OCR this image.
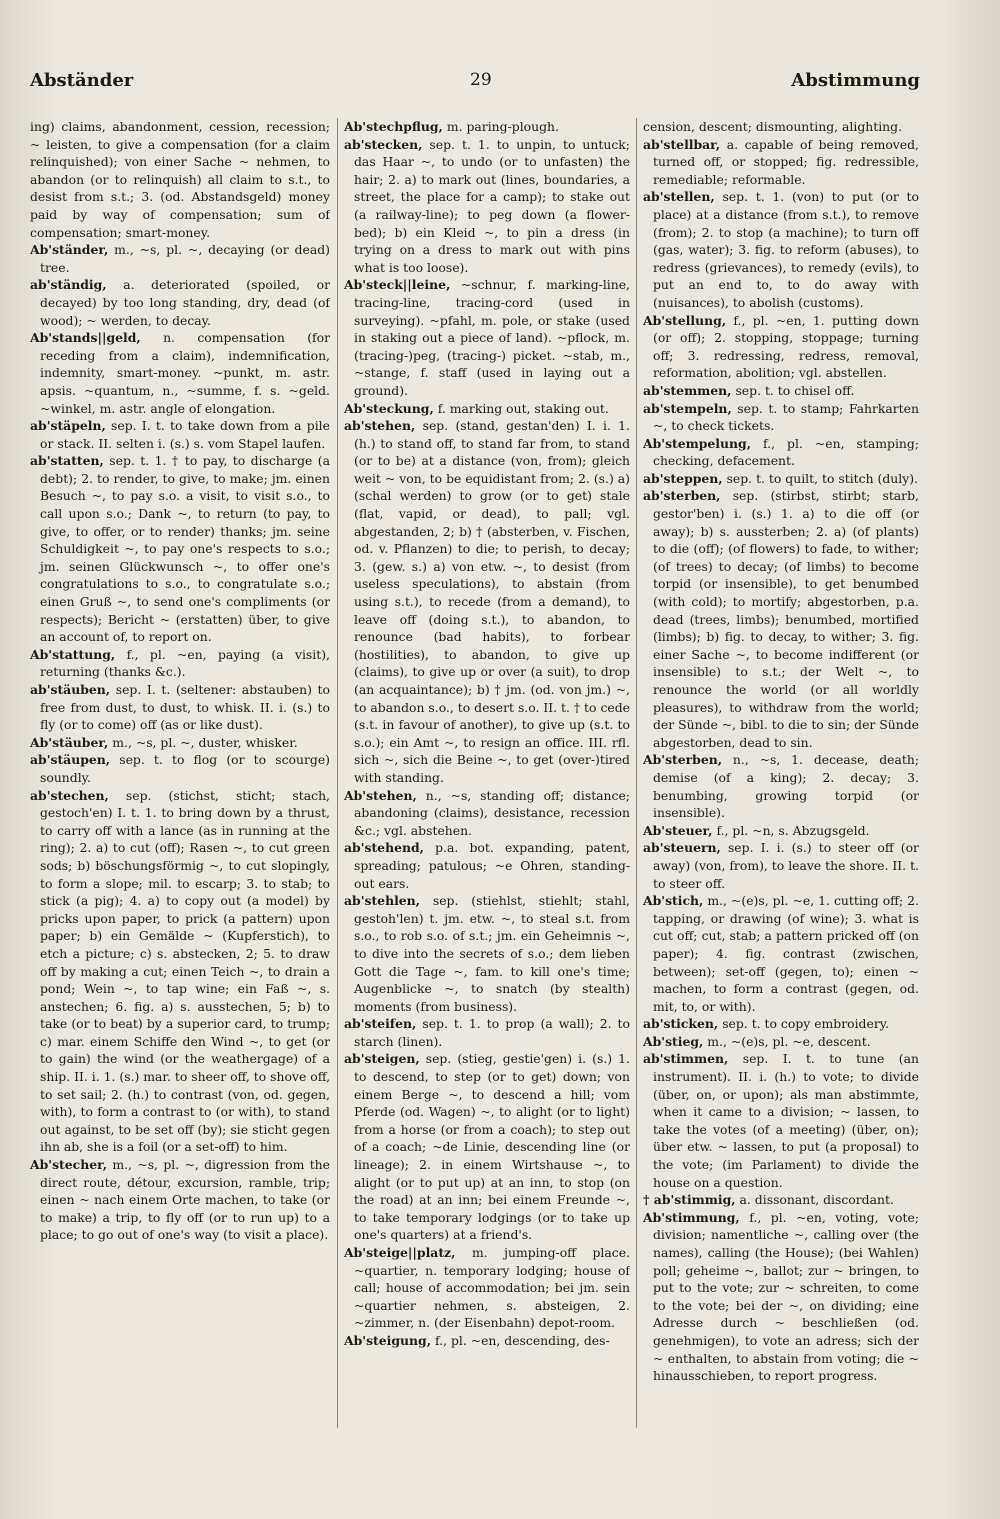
Abständer	29	Abstimmung

ing) claims, abandonment, cession, recession; ~ leisten, to give a compensation (for a claim relinquished); von einer Sache ~ nehmen, to abandon (or to relinquish) all claim to s.t., to desist from s.t.; 3. (od. Abstandsgeld) money paid by way of compensation; sum of compensation; smart-money.

Ab'ständer, m., ~s, pl. ~, decaying (or dead) tree.

ab'ständig, a. deteriorated (spoiled, or decayed) by too long standing, dry, dead (of wood); ~ werden, to decay.

Ab'stands||geld, n. compensation (for receding from a claim), indemnification, indemnity, smart-money. ~punkt, m. astr. apsis. ~quantum, n., ~summe, f. s. ~geld. ~winkel, m. astr. angle of elongation.

ab'stäpeln, sep. I. t. to take down from a pile or stack. II. selten i. (s.) s. vom Stapel laufen.

ab'statten, sep. t. 1. † to pay, to discharge (a debt); 2. to render, to give, to make; jm. einen Besuch ~, to pay s.o. a visit, to visit s.o., to call upon s.o.; Dank ~, to return (to pay, to give, to offer, or to render) thanks; jm. seine Schuldigkeit ~, to pay one's respects to s.o.; jm. seinen Glückwunsch ~, to offer one's congratulations to s.o., to congratulate s.o.; einen Gruß ~, to send one's compliments (or respects); Bericht ~ (erstatten) über, to give an account of, to report on.

Ab'stattung, f., pl. ~en, paying (a visit), returning (thanks &c.).

ab'stäuben, sep. I. t. (seltener: abstauben) to free from dust, to dust, to whisk. II. i. (s.) to fly (or to come) off (as or like dust).

Ab'stäuber, m., ~s, pl. ~, duster, whisker.

ab'stäupen, sep. t. to flog (or to scourge) soundly.

ab'stechen, sep. (stichst, sticht; stach, gestoch'en) I. t. 1. to bring down by a thrust, to carry off with a lance (as in running at the ring); 2. a) to cut (off); Rasen ~, to cut green sods; b) böschungsförmig ~, to cut slopingly, to form a slope; mil. to escarp; 3. to stab; to stick (a pig); 4. a) to copy out (a model) by pricks upon paper, to prick (a pattern) upon paper; b) ein Gemälde ~ (Kupferstich), to etch a picture; c) s. abstecken, 2; 5. to draw off by making a cut; einen Teich ~, to drain a pond; Wein ~, to tap wine; ein Faß ~, s. anstechen; 6. fig. a) s. ausstechen, 5; b) to take (or to beat) by a superior card, to trump; c) mar. einem Schiffe den Wind ~, to get (or to gain) the wind (or the weathergage) of a ship. II. i. 1. (s.) mar. to sheer off, to shove off, to set sail; 2. (h.) to contrast (von, od. gegen, with), to form a contrast to (or with), to stand out against, to be set off (by); sie sticht gegen ihn ab, she is a foil (or a set-off) to him.

Ab'stecher, m., ~s, pl. ~, digression from the direct route, détour, excursion, ramble, trip; einen ~ nach einem Orte machen, to take (or to make) a trip, to fly off (or to run up) to a place; to go out of one's way (to visit a place).

Ab'stechpflug, m. paring-plough.

ab'stecken, sep. t. 1. to unpin, to untuck; das Haar ~, to undo (or to unfasten) the hair; 2. a) to mark out (lines, boundaries, a street, the place for a camp); to stake out (a railway-line); to peg down (a flower-bed); b) ein Kleid ~, to pin a dress (in trying on a dress to mark out with pins what is too loose).

Ab'steck||leine, ~schnur, f. marking-line, tracing-line, tracing-cord (used in surveying). ~pfahl, m. pole, or stake (used in staking out a piece of land). ~pflock, m. (tracing-)peg, (tracing-) picket. ~stab, m., ~stange, f. staff (used in laying out a ground).

Ab'steckung, f. marking out, staking out.

ab'stehen, sep. (stand, gestan'den) I. i. 1. (h.) to stand off, to stand far from, to stand (or to be) at a distance (von, from); gleich weit ~ von, to be equidistant from; 2. (s.) a) (schal werden) to grow (or to get) stale (flat, vapid, or dead), to pall; vgl. abgestanden, 2; b) † (absterben, v. Fischen, od. v. Pflanzen) to die; to perish, to decay; 3. (gew. s.) a) von etw. ~, to desist (from useless speculations), to abstain (from using s.t.), to recede (from a demand), to leave off (doing s.t.), to abandon, to renounce (bad habits), to forbear (hostilities), to abandon, to give up (claims), to give up or over (a suit), to drop (an acquaintance); b) † jm. (od. von jm.) ~, to abandon s.o., to desert s.o. II. t. † to cede (s.t. in favour of another), to give up (s.t. to s.o.); ein Amt ~, to resign an office. III. rfl. sich ~, sich die Beine ~, to get (over-)tired with standing.

Ab'stehen, n., ~s, standing off; distance; abandoning (claims), desistance, recession &c.; vgl. abstehen.

ab'stehend, p.a. bot. expanding, patent, spreading; patulous; ~e Ohren, standing-out ears.

ab'stehlen, sep. (stiehlst, stiehlt; stahl, gestoh'len) t. jm. etw. ~, to steal s.t. from s.o., to rob s.o. of s.t.; jm. ein Geheimnis ~, to dive into the secrets of s.o.; dem lieben Gott die Tage ~, fam. to kill one's time; Augenblicke ~, to snatch (by stealth) moments (from business).

ab'steifen, sep. t. 1. to prop (a wall); 2. to starch (linen).

ab'steigen, sep. (stieg, gestie'gen) i. (s.) 1. to descend, to step (or to get) down; von einem Berge ~, to descend a hill; vom Pferde (od. Wagen) ~, to alight (or to light) from a horse (or from a coach); to step out of a coach; ~de Linie, descending line (or lineage); 2. in einem Wirtshause ~, to alight (or to put up) at an inn, to stop (on the road) at an inn; bei einem Freunde ~, to take temporary lodgings (or to take up one's quarters) at a friend's.

Ab'steige||platz, m. jumping-off place. ~quartier, n. temporary lodging; house of call; house of accommodation; bei jm. sein ~quartier nehmen, s. absteigen, 2. ~zimmer, n. (der Eisenbahn) depot-room.

Ab'steigung, f., pl. ~en, descending, des-

cension, descent; dismounting, alighting.

ab'stellbar, a. capable of being removed, turned off, or stopped; fig. redressible, remediable; reformable.

ab'stellen, sep. t. 1. (von) to put (or to place) at a distance (from s.t.), to remove (from); 2. to stop (a machine); to turn off (gas, water); 3. fig. to reform (abuses), to redress (grievances), to remedy (evils), to put an end to, to do away with (nuisances), to abolish (customs).

Ab'stellung, f., pl. ~en, 1. putting down (or off); 2. stopping, stoppage; turning off; 3. redressing, redress, removal, reformation, abolition; vgl. abstellen.

ab'stemmen, sep. t. to chisel off.

ab'stempeln, sep. t. to stamp; Fahrkarten ~, to check tickets.

Ab'stempelung, f., pl. ~en, stamping; checking, defacement.

ab'steppen, sep. t. to quilt, to stitch (duly).

ab'sterben, sep. (stirbst, stirbt; starb, gestor'ben) i. (s.) 1. a) to die off (or away); b) s. aussterben; 2. a) (of plants) to die (off); (of flowers) to fade, to wither; (of trees) to decay; (of limbs) to become torpid (or insensible), to get benumbed (with cold); to mortify; abgestorben, p.a. dead (trees, limbs); benumbed, mortified (limbs); b) fig. to decay, to wither; 3. fig. einer Sache ~, to become indifferent (or insensible) to s.t.; der Welt ~, to renounce the world (or all worldly pleasures), to withdraw from the world; der Sünde ~, bibl. to die to sin; der Sünde abgestorben, dead to sin.

Ab'sterben, n., ~s, 1. decease, death; demise (of a king); 2. decay; 3. benumbing, growing torpid (or insensible).

Ab'steuer, f., pl. ~n, s. Abzugsgeld.

ab'steuern, sep. I. i. (s.) to steer off (or away) (von, from), to leave the shore. II. t. to steer off.

Ab'stich, m., ~(e)s, pl. ~e, 1. cutting off; 2. tapping, or drawing (of wine); 3. what is cut off; cut, stab; a pattern pricked off (on paper); 4. fig. contrast (zwischen, between); set-off (gegen, to); einen ~ machen, to form a contrast (gegen, od. mit, to, or with).

ab'sticken, sep. t. to copy embroidery.

Ab'stieg, m., ~(e)s, pl. ~e, descent.

ab'stimmen, sep. I. t. to tune (an instrument). II. i. (h.) to vote; to divide (über, on, or upon); als man abstimmte, when it came to a division; ~ lassen, to take the votes (of a meeting) (über, on); über etw. ~ lassen, to put (a proposal) to the vote; (im Parlament) to divide the house on a question.

† ab'stimmig, a. dissonant, discordant.

Ab'stimmung, f., pl. ~en, voting, vote; division; namentliche ~, calling over (the names), calling (the House); (bei Wahlen) poll; geheime ~, ballot; zur ~ bringen, to put to the vote; zur ~ schreiten, to come to the vote; bei der ~, on dividing; eine Adresse durch ~ beschließen (od. genehmigen), to vote an adress; sich der ~ enthalten, to abstain from voting; die ~ hinausschieben, to report progress.
